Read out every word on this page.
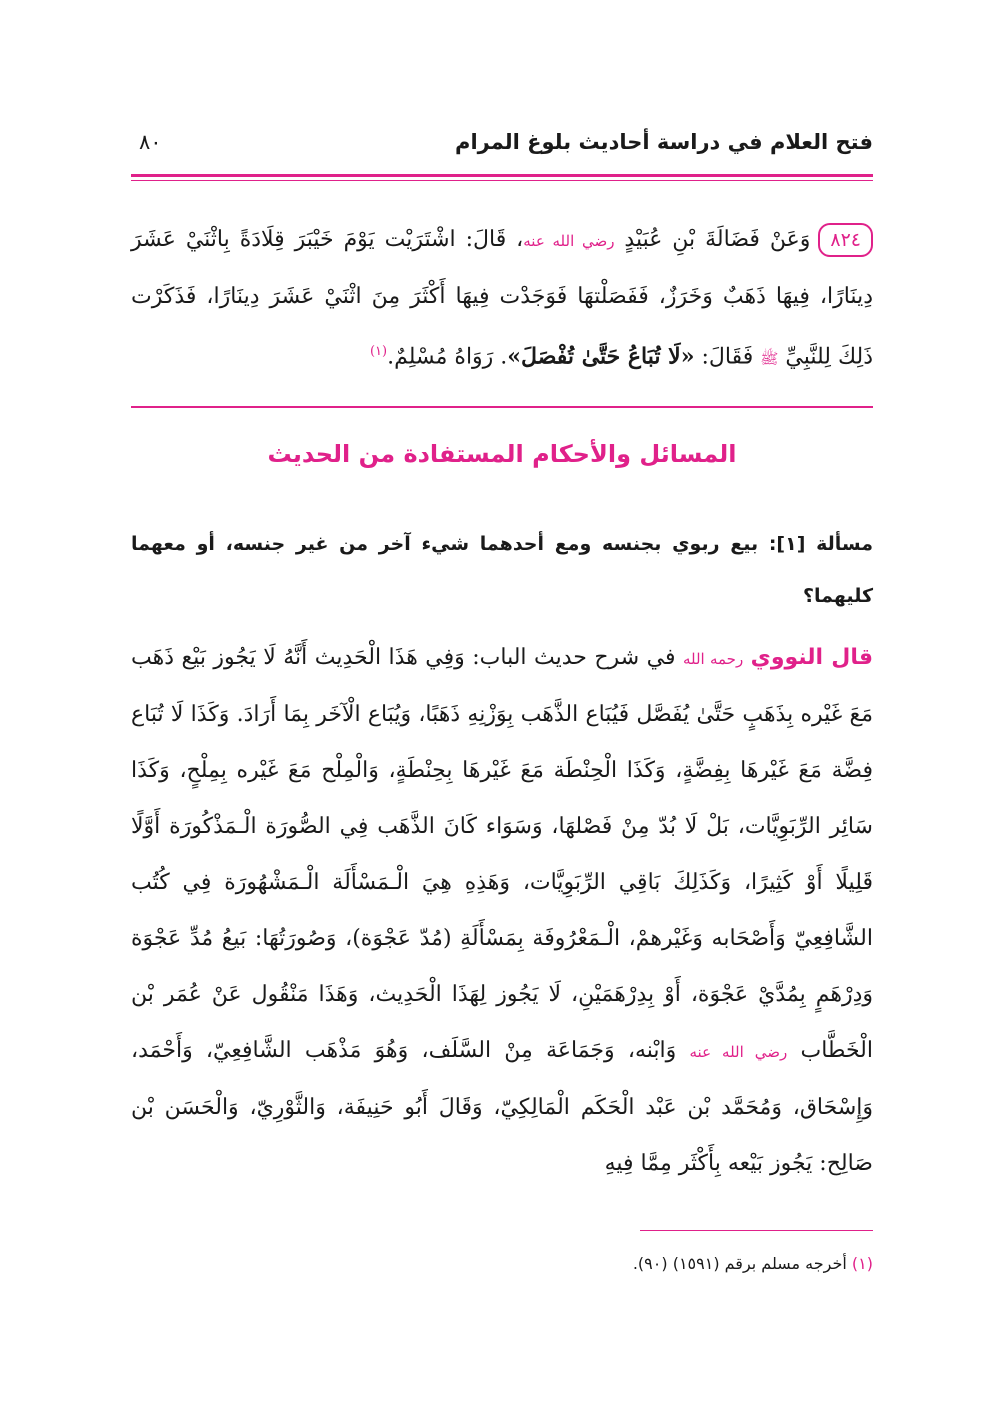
فتح العلام في دراسة أحاديث بلوغ المرام
٨٠
٨٢٤وَعَنْ فَضَالَةَ بْنِ عُبَيْدٍ رضي الله عنه، قَالَ: اشْتَرَيْت يَوْمَ خَيْبَرَ قِلَادَةً بِاثْنَيْ عَشَرَ دِينَارًا، فِيهَا ذَهَبٌ وَخَرَزٌ، فَفَصَلْتهَا فَوَجَدْت فِيهَا أَكْثَرَ مِنَ اثْنَيْ عَشَرَ دِينَارًا، فَذَكَرْت ذَلِكَ لِلنَّبِيِّ ﷺ فَقَالَ: «لَا تُبَاعُ حَتَّىٰ تُفْصَلَ». رَوَاهُ مُسْلِمٌ.$^{(١)}$
المسائل والأحكام المستفادة من الحديث
مسألة [١]: بيع ربوي بجنسه ومع أحدهما شيء آخر من غير جنسه، أو معهما كليهما؟
قال النووي رحمه الله في شرح حديث الباب: وَفِي هَذَا الْحَدِيث أَنَّهُ لَا يَجُوز بَيْع ذَهَب مَعَ غَيْره بِذَهَبٍ حَتَّىٰ يُفَصَّل فَيُبَاع الذَّهَب بِوَزْنِهِ ذَهَبًا، وَيُبَاع الْآخَر بِمَا أَرَادَ. وَكَذَا لَا تُبَاع فِضَّة مَعَ غَيْرهَا بِفِضَّةٍ، وَكَذَا الْحِنْطَة مَعَ غَيْرهَا بِحِنْطَةٍ، وَالْمِلْح مَعَ غَيْره بِمِلْحٍ، وَكَذَا سَائِر الرِّبَوِيَّات، بَلْ لَا بُدّ مِنْ فَصْلهَا، وَسَوَاء كَانَ الذَّهَب فِي الصُّورَة الْـمَذْكُورَة أَوَّلًا قَلِيلًا أَوْ كَثِيرًا، وَكَذَلِكَ بَاقِي الرِّبَوِيَّات، وَهَذِهِ هِيَ الْـمَسْأَلَة الْـمَشْهُورَة فِي كُتُب الشَّافِعِيّ وَأَصْحَابه وَغَيْرهمْ، الْـمَعْرُوفَة بِمَسْأَلَةِ (مُدّ عَجْوَة)، وَصُورَتُهَا: بَيعُ مُدِّ عَجْوَة وَدِرْهَمٍ بِمُدَّيْ عَجْوَة، أَوْ بِدِرْهَمَيْنِ، لَا يَجُوز لِهَذَا الْحَدِيث، وَهَذَا مَنْقُول عَنْ عُمَر بْن الْخَطَّاب رضي الله عنه وَابْنه، وَجَمَاعَة مِنْ السَّلَف، وَهُوَ مَذْهَب الشَّافِعِيّ، وَأَحْمَد، وَإِسْحَاق، وَمُحَمَّد بْن عَبْد الْحَكَم الْمَالِكِيّ، وَقَالَ أَبُو حَنِيفَة، وَالثَّوْرِيّ، وَالْحَسَن بْن صَالِح: يَجُوز بَيْعه بِأَكْثَر مِمَّا فِيهِ
(١) أخرجه مسلم برقم (١٥٩١) (٩٠).
